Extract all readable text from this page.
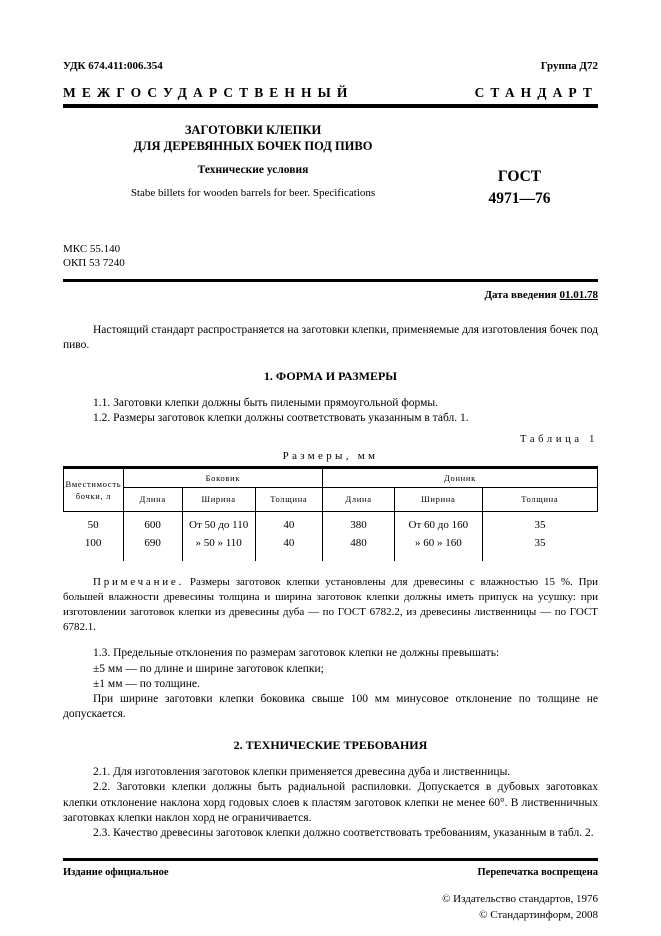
УДК 674.411:006.354	Группа Д72
МЕЖГОСУДАРСТВЕННЫЙ	СТАНДАРТ
ЗАГОТОВКИ КЛЕПКИ
ДЛЯ ДЕРЕВЯННЫХ БОЧЕК ПОД ПИВО
Технические условия
Stabe billets for wooden barrels for beer. Specifications
ГОСТ
4971—76
МКС 55.140
ОКП 53 7240
Дата введения 01.01.78

Настоящий стандарт распространяется на заготовки клепки, применяемые для изготовления бочек под пиво.

1. ФОРМА И РАЗМЕРЫ

1.1. Заготовки клепки должны быть пилеными прямоугольной формы.

1.2. Размеры заготовок клепки должны соответствовать указанным в табл. 1.

Таблица 1
Размеры, мм
Вместимость бочки, л	Боковик			Донник		
	Длина	Ширина	Толщина	Длина	Ширина	Толщина
50	600	От 50 до 110	40	380	От 60 до 160	35
100	690	» 50 » 110	40	480	» 60 » 160	35

Примечание. Размеры заготовок клепки установлены для древесины с влажностью 15 %. При большей влажности древесины толщина и ширина заготовок клепки должны иметь припуск на усушку: при изготовлении заготовок клепки из древесины дуба — по ГОСТ 6782.2, из древесины лиственницы — по ГОСТ 6782.1.

1.3. Предельные отклонения по размерам заготовок клепки не должны превышать:

±5 мм — по длине и ширине заготовок клепки;

±1 мм — по толщине.

При ширине заготовки клепки боковика свыше 100 мм минусовое отклонение по толщине не допускается.

2. ТЕХНИЧЕСКИЕ ТРЕБОВАНИЯ

2.1. Для изготовления заготовок клепки применяется древесина дуба и лиственницы.

2.2. Заготовки клепки должны быть радиальной распиловки. Допускается в дубовых заготовках клепки отклонение наклона хорд годовых слоев к пластям заготовок клепки не менее 60°. В лиственничных заготовках клепки наклон хорд не ограничивается.

2.3. Качество древесины заготовок клепки должно соответствовать требованиям, указанным в табл. 2.

Издание официальное	Перепечатка воспрещена
© Издательство стандартов, 1976
© Стандартинформ, 2008
